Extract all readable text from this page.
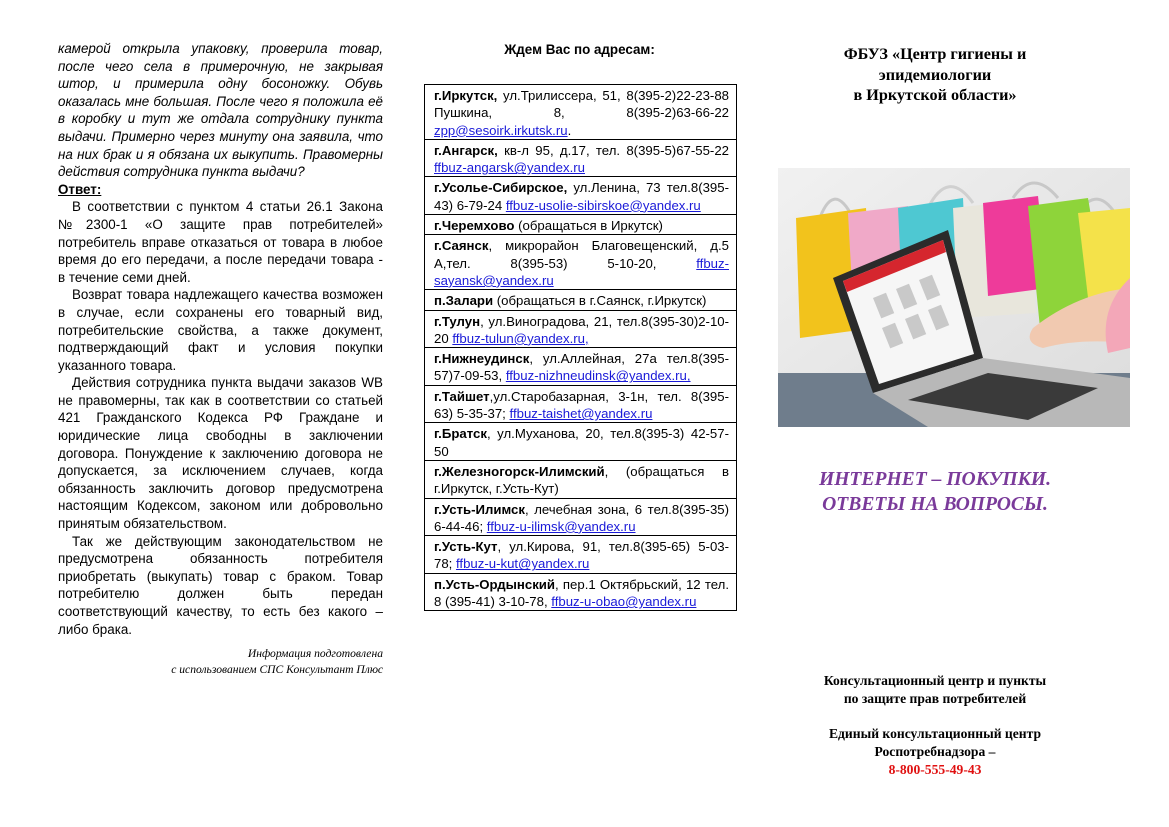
камерой открыла упаковку, проверила товар, после чего села в примерочную, не закрывая штор, и примерила одну босоножку. Обувь оказалась мне большая. После чего я положила её в коробку и тут же отдала сотруднику пункта выдачи. Примерно через минуту она заявила, что на них брак и я обязана их выкупить. Правомерны действия сотрудника пункта выдачи?

Ответ:

В соответствии с пунктом 4 статьи 26.1 Закона №2300-1 «О защите прав потребителей» потребитель вправе отказаться от товара в любое время до его передачи, а после передачи товара - в течение семи дней.

Возврат товара надлежащего качества возможен в случае, если сохранены его товарный вид, потребительские свойства, а также документ, подтверждающий факт и условия покупки указанного товара.

Действия сотрудника пункта выдачи заказов WB не правомерны, так как в соответствии со статьей 421 Гражданского Кодекса РФ Граждане и юридические лица свободны в заключении договора. Понуждение к заключению договора не допускается, за исключением случаев, когда обязанность заключить договор предусмотрена настоящим Кодексом, законом или добровольно принятым обязательством.

Так же действующим законодательством не предусмотрена обязанность потребителя приобретать (выкупать) товар с браком. Товар потребителю должен быть передан соответствующий качеству, то есть без какого – либо брака.

Информация подготовлена
с использованием СПС Консультант Плюс

Ждем Вас по адресам:
г.Иркутск, ул.Трилиссера, 51, 8(395-2)22-23-88 Пушкина, 8, 8(395-2)63-66-22 zpp@sesoirk.irkutsk.ru.
г.Ангарск, кв-л 95, д.17, тел. 8(395-5)67-55-22 ffbuz-angarsk@yandex.ru
г.Усолье-Сибирское, ул.Ленина, 73 тел.8(395-43) 6-79-24 ffbuz-usolie-sibirskoe@yandex.ru
г.Черемхово (обращаться в Иркутск)
г.Саянск, микрорайон Благовещенский, д.5 А,тел. 8(395-53) 5-10-20, ffbuz-sayansk@yandex.ru
п.Залари (обращаться в г.Саянск, г.Иркутск)
г.Тулун, ул.Виноградова, 21, тел.8(395-30)2-10-20 ffbuz-tulun@yandex.ru,
г.Нижнеудинск, ул.Аллейная, 27а тел.8(395-57)7-09-53, ffbuz-nizhneudinsk@yandex.ru,
г.Тайшет,ул.Старобазарная, 3-1н, тел. 8(395-63) 5-35-37; ffbuz-taishet@yandex.ru
г.Братск, ул.Муханова, 20, тел.8(395-3) 42-57-50
г.Железногорск-Илимский, (обращаться в г.Иркутск, г.Усть-Кут)
г.Усть-Илимск, лечебная зона, 6 тел.8(395-35) 6-44-46; ffbuz-u-ilimsk@yandex.ru
г.Усть-Кут, ул.Кирова, 91, тел.8(395-65) 5-03-78; ffbuz-u-kut@yandex.ru
п.Усть-Ордынский, пер.1 Октябрьский, 12 тел. 8 (395-41) 3-10-78, ffbuz-u-obao@yandex.ru
ФБУЗ «Центр гигиены и
эпидемиологии
в Иркутской области»
ИНТЕРНЕТ – ПОКУПКИ.
ОТВЕТЫ НА ВОПРОСЫ.
Консультационный центр и пункты
по защите прав потребителей
Единый консультационный центр
Роспотребнадзора –
8-800-555-49-43
